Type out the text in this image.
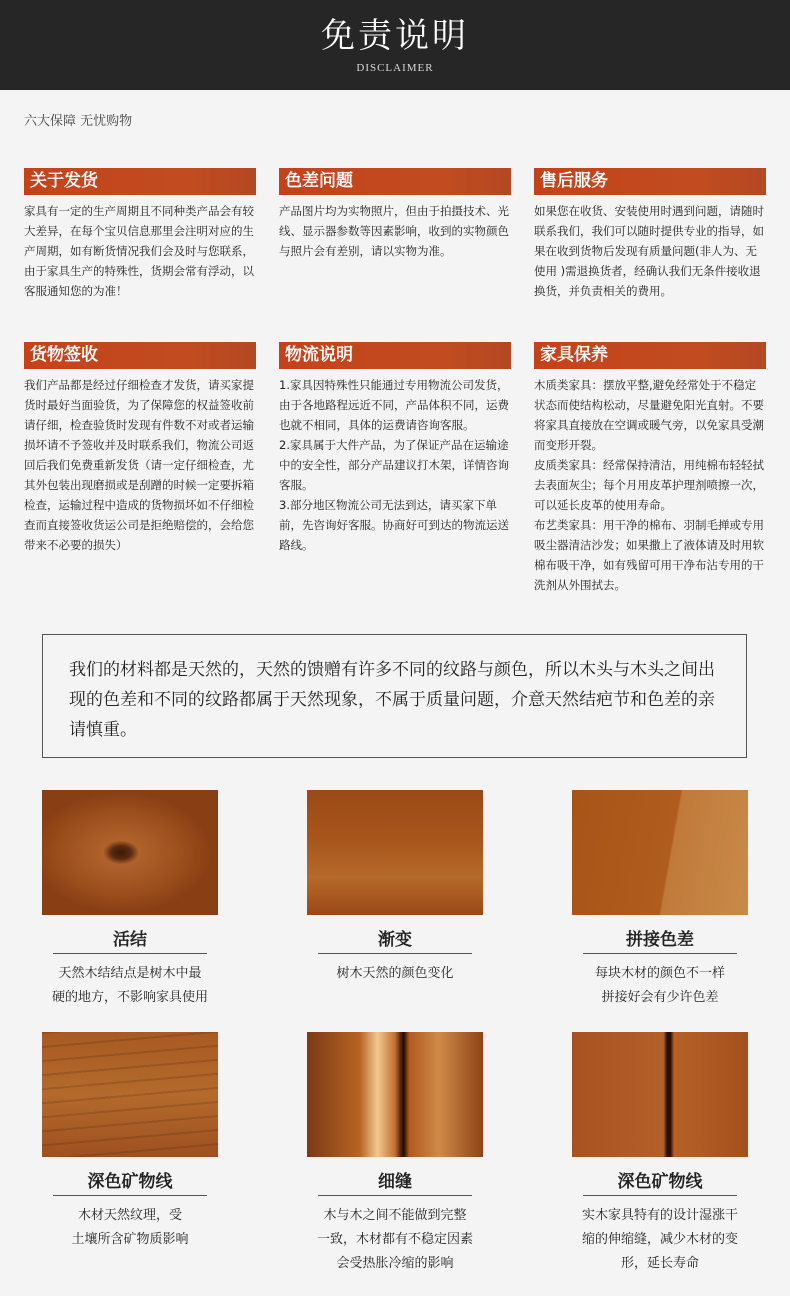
免责说明
DISCLAIMER
六大保障 无忧购物
关于发货
家具有一定的生产周期且不同种类产品会有较大差异，在每个宝贝信息那里会注明对应的生产周期，如有断货情况我们会及时与您联系，由于家具生产的特殊性，货期会常有浮动，以客服通知您的为准！
色差问题
产品图片均为实物照片，但由于拍摄技术、光线、显示器参数等因素影响，收到的实物颜色与照片会有差别，请以实物为准。
售后服务
如果您在收货、安装使用时遇到问题，请随时联系我们，我们可以随时提供专业的指导，如果在收到货物后发现有质量问题(非人为、无使用 )需退换货者，经确认我们无条件接收退换货，并负责相关的费用。
货物签收
我们产品都是经过仔细检查才发货，请买家提货时最好当面验货，为了保障您的权益签收前请仔细，检查验货时发现有件数不对或者运输损坏请不予签收并及时联系我们，物流公司返回后我们免费重新发货（请一定仔细检查，尤其外包装出现磨损或是刮蹭的时候一定要拆箱检查，运输过程中造成的货物损坏如不仔细检查而直接签收货运公司是拒绝赔偿的，会给您带来不必要的损失）
物流说明
1.家具因特殊性只能通过专用物流公司发货，由于各地路程远近不同，产品体积不同，运费也就不相同，具体的运费请咨询客服。
2.家具属于大件产品，为了保证产品在运输途中的安全性，部分产品建议打木架，详情咨询客服。
3.部分地区物流公司无法到达，请买家下单前，先咨询好客服。协商好可到达的物流运送路线。
家具保养
木质类家具：摆放平整,避免经常处于不稳定状态而使结构松动，尽量避免阳光直射。不要将家具直接放在空调或暖气旁，以免家具受潮而变形开裂。
皮质类家具：经常保持清洁，用纯棉布轻轻拭去表面灰尘；每个月用皮革护理剂喷擦一次，可以延长皮革的使用寿命。
布艺类家具：用干净的棉布、羽制毛掸或专用吸尘器清洁沙发；如果撒上了液体请及时用软棉布吸干净，如有残留可用干净布沾专用的干洗剂从外围拭去。
我们的材料都是天然的，天然的馈赠有许多不同的纹路与颜色，所以木头与木头之间出现的色差和不同的纹路都属于天然现象，不属于质量问题，介意天然结疤节和色差的亲请慎重。
活结
天然木结结点是树木中最
硬的地方，不影响家具使用
渐变
树木天然的颜色变化
拼接色差
每块木材的颜色不一样
拼接好会有少许色差
深色矿物线
木材天然纹理，受
土壤所含矿物质影响
细缝
木与木之间不能做到完整
一致，木材都有不稳定因素
会受热胀冷缩的影响
深色矿物线
实木家具特有的设计湿涨干
缩的伸缩缝，减少木材的变
形，延长寿命
